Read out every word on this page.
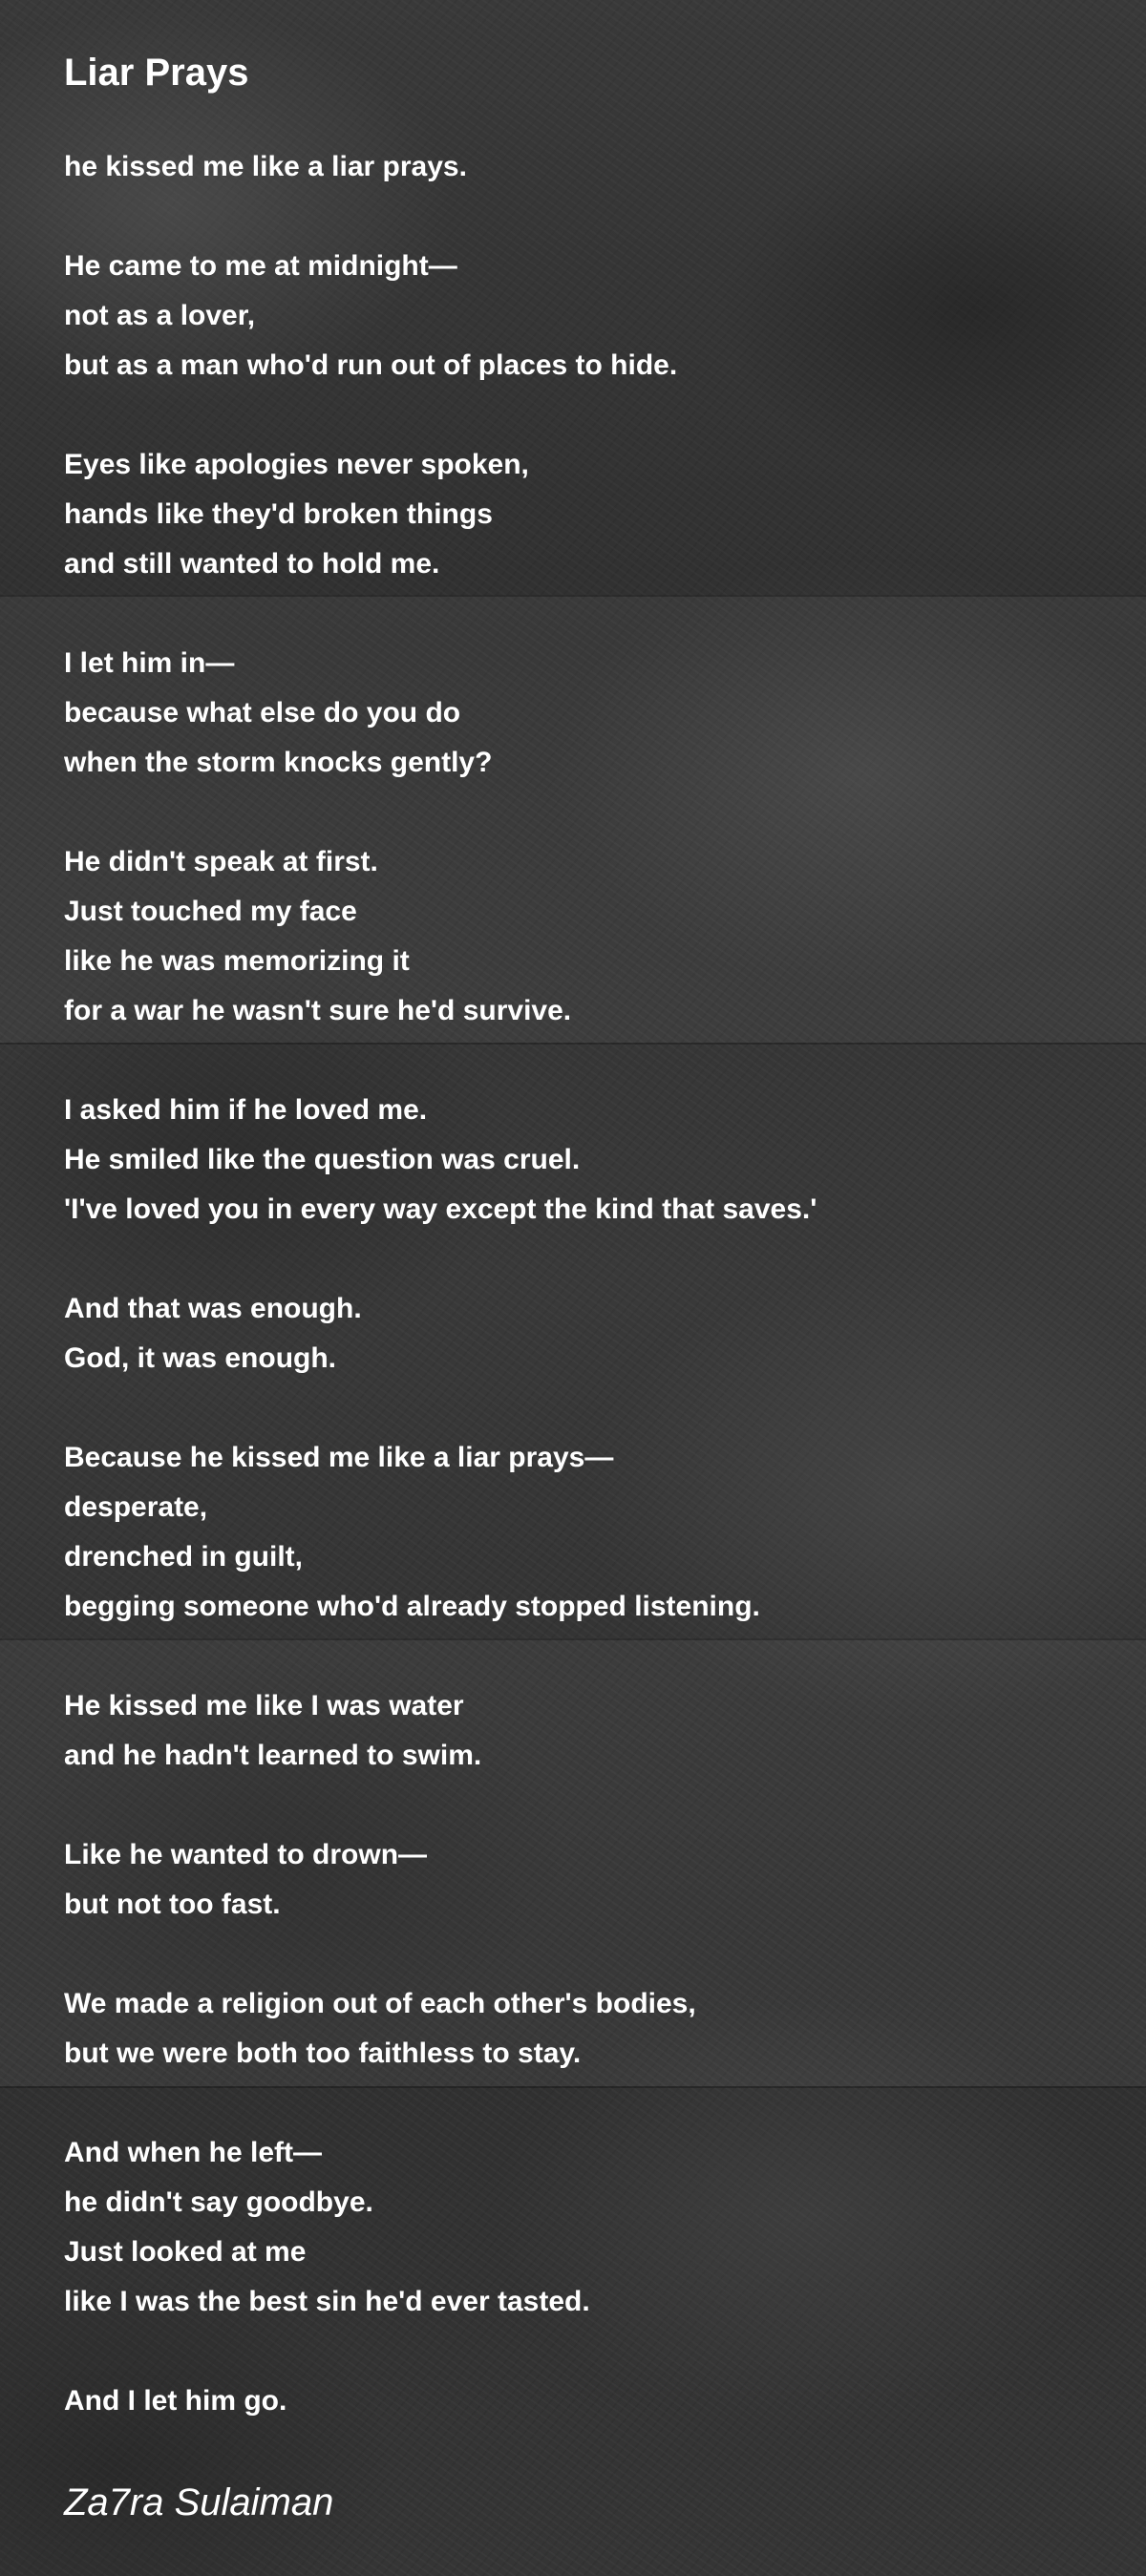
Liar Prays
he kissed me like a liar prays.
He came to me at midnight—
not as a lover,
but as a man who'd run out of places to hide.
Eyes like apologies never spoken,
hands like they'd broken things
and still wanted to hold me.
I let him in—
because what else do you do
when the storm knocks gently?
He didn't speak at first.
Just touched my face
like he was memorizing it
for a war he wasn't sure he'd survive.
I asked him if he loved me.
He smiled like the question was cruel.
'I've loved you in every way except the kind that saves.'
And that was enough.
God, it was enough.
Because he kissed me like a liar prays—
desperate,
drenched in guilt,
begging someone who'd already stopped listening.
He kissed me like I was water
and he hadn't learned to swim.
Like he wanted to drown—
but not too fast.
We made a religion out of each other's bodies,
but we were both too faithless to stay.
And when he left—
he didn't say goodbye.
Just looked at me
like I was the best sin he'd ever tasted.
And I let him go.
Za7ra Sulaiman
